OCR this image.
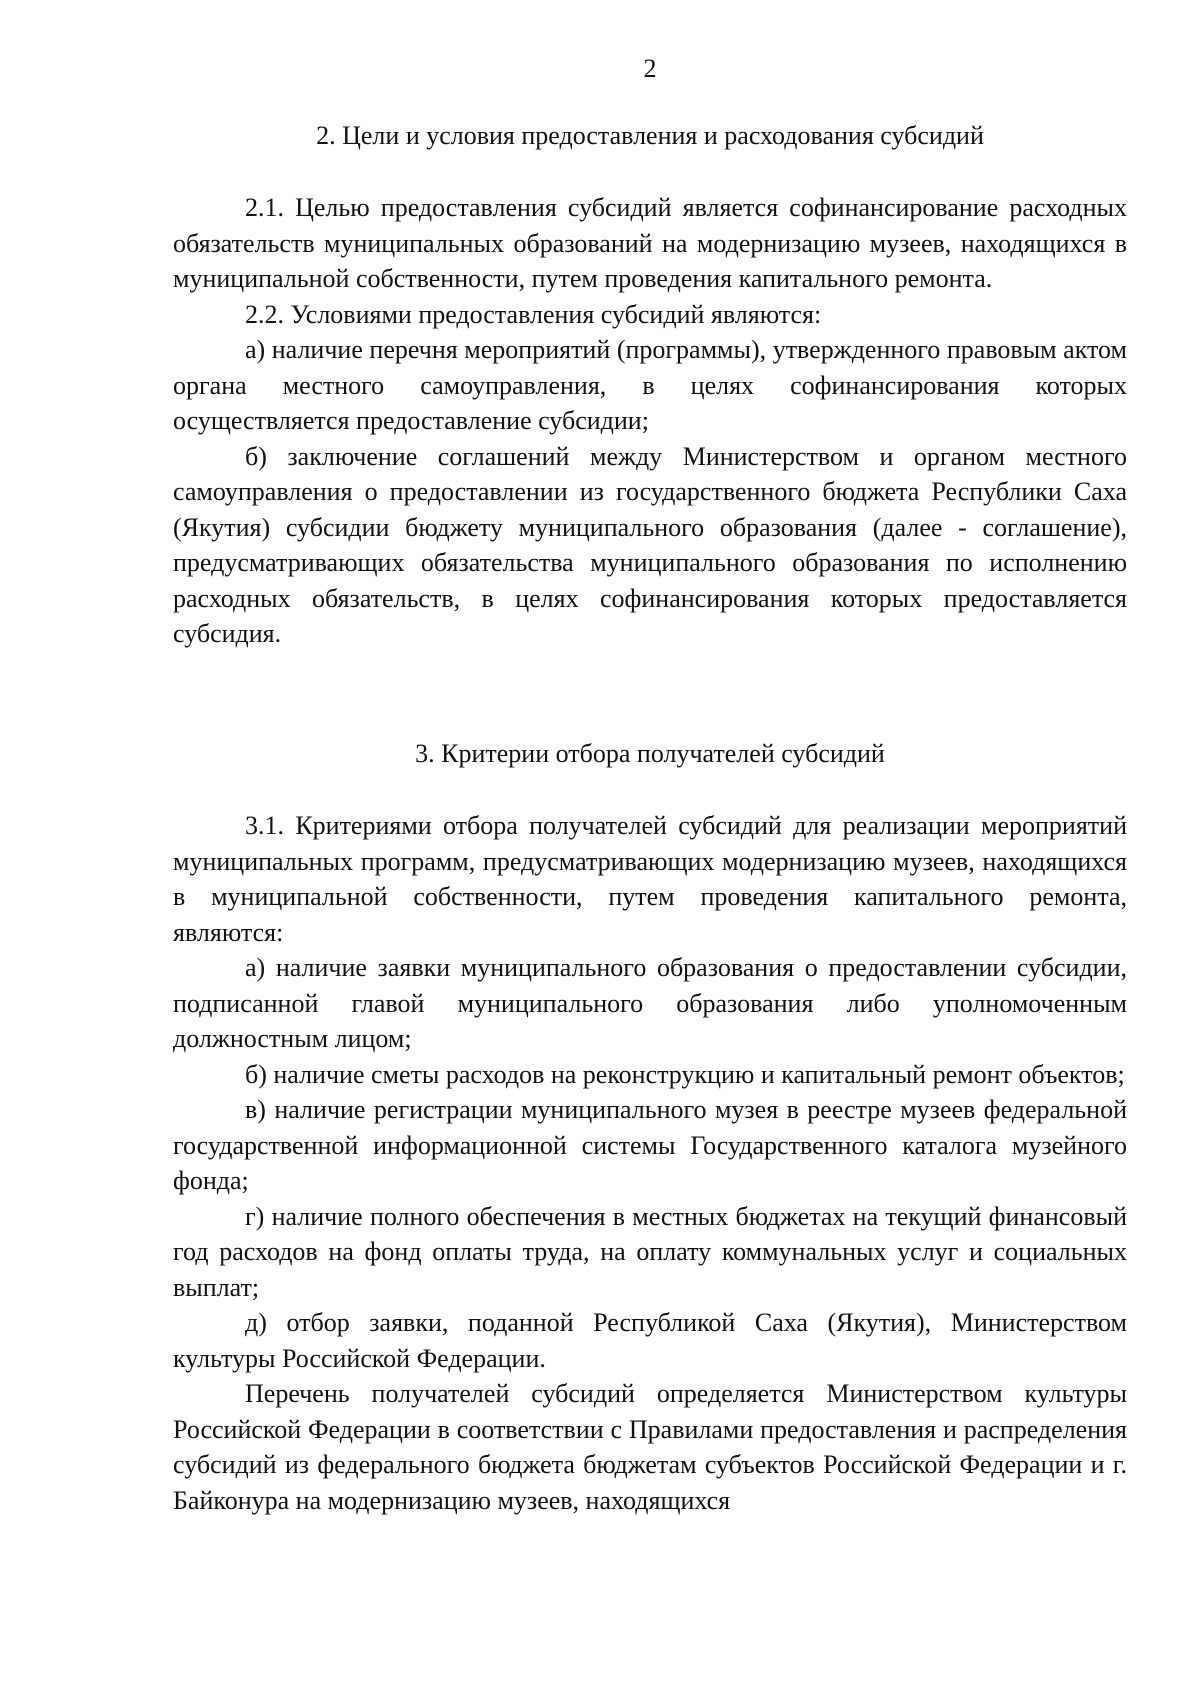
2
2. Цели и условия предоставления и расходования субсидий

2.1. Целью предоставления субсидий является софинансирование расходных обязательств муниципальных образований на модернизацию музеев, находящихся в муниципальной собственности, путем проведения капитального ремонта.

2.2. Условиями предоставления субсидий являются:

а) наличие перечня мероприятий (программы), утвержденного правовым актом органа местного самоуправления, в целях софинансирования которых осуществляется предоставление субсидии;

б) заключение соглашений между Министерством и органом местного самоуправления о предоставлении из государственного бюджета Республики Саха (Якутия) субсидии бюджету муниципального образования (далее - соглашение), предусматривающих обязательства муниципального образования по исполнению расходных обязательств, в целях софинансирования которых предоставляется субсидия.

3. Критерии отбора получателей субсидий

3.1. Критериями отбора получателей субсидий для реализации мероприятий муниципальных программ, предусматривающих модернизацию музеев, находящихся в муниципальной собственности, путем проведения капитального ремонта, являются:

а) наличие заявки муниципального образования о предоставлении субсидии, подписанной главой муниципального образования либо уполномоченным должностным лицом;

б) наличие сметы расходов на реконструкцию и капитальный ремонт объектов;

в) наличие регистрации муниципального музея в реестре музеев федеральной государственной информационной системы Государственного каталога музейного фонда;

г) наличие полного обеспечения в местных бюджетах на текущий финансовый год расходов на фонд оплаты труда, на оплату коммунальных услуг и социальных выплат;

д) отбор заявки, поданной Республикой Саха (Якутия), Министерством культуры Российской Федерации.

Перечень получателей субсидий определяется Министерством культуры Российской Федерации в соответствии с Правилами предоставления и распределения субсидий из федерального бюджета бюджетам субъектов Российской Федерации и г. Байконура на модернизацию музеев, находящихся
